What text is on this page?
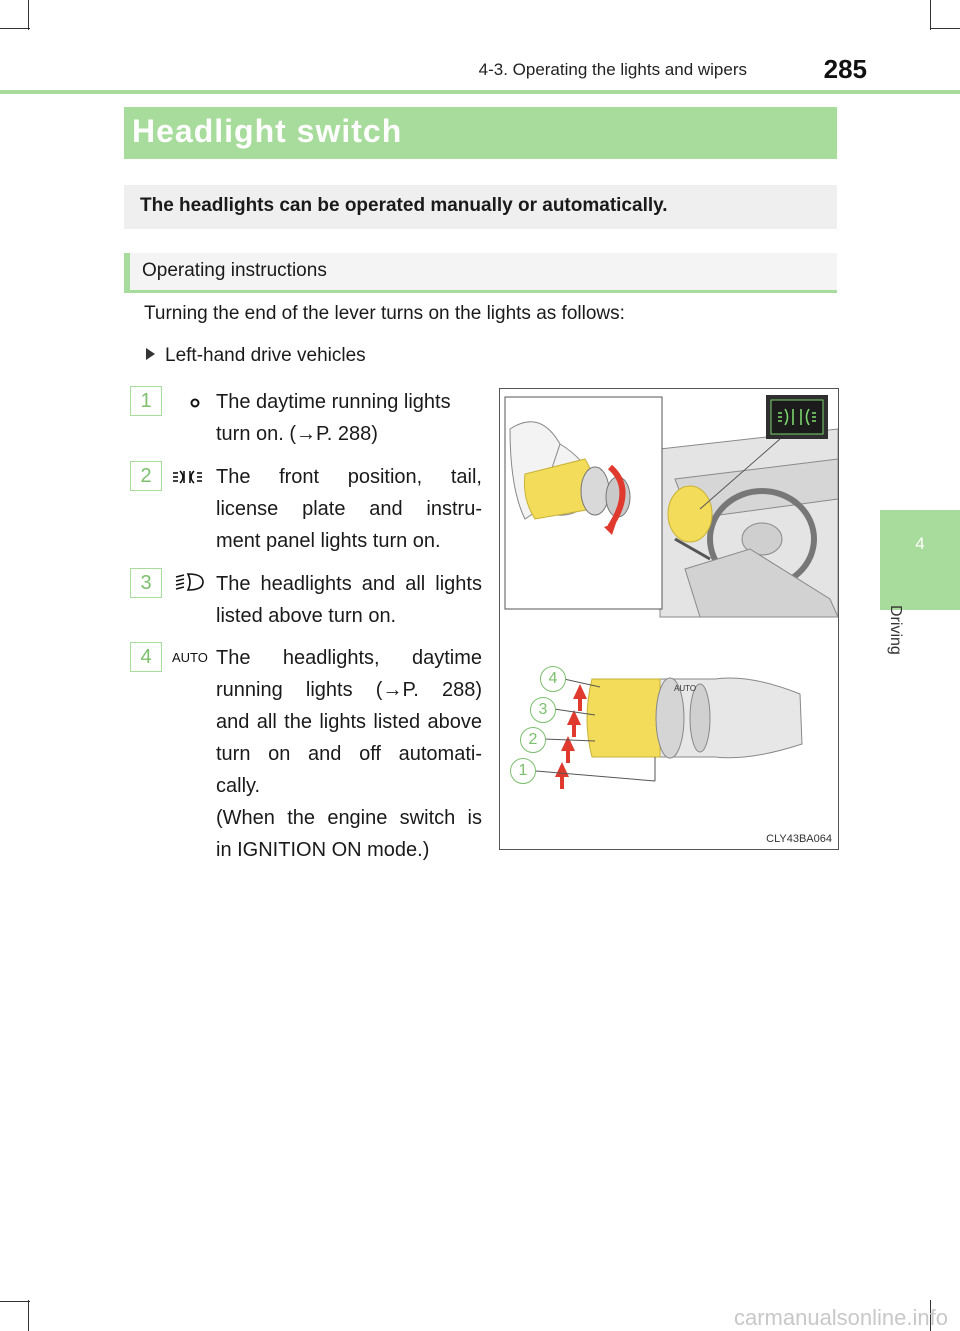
4-3. Operating the lights and wipers	285
4
Driving
Headlight switch
The headlights can be operated manually or automatically.
Operating instructions
Turning the end of the lever turns on the lights as follows:
Left-hand drive vehicles
1	The daytime running lights
turn on. (→P. 288)
2	The front position, tail,
license plate and instru-
ment panel lights turn on.
3	The headlights and all lights
listed above turn on.
4	AUTO The headlights, daytime
running lights (→P. 288)
and all the lights listed above
turn on and off automati-
cally.
(When the engine switch is
in IGNITION ON mode.)
AUTO
4
3
2
1
CLY43BA064
carmanualsonline.info
